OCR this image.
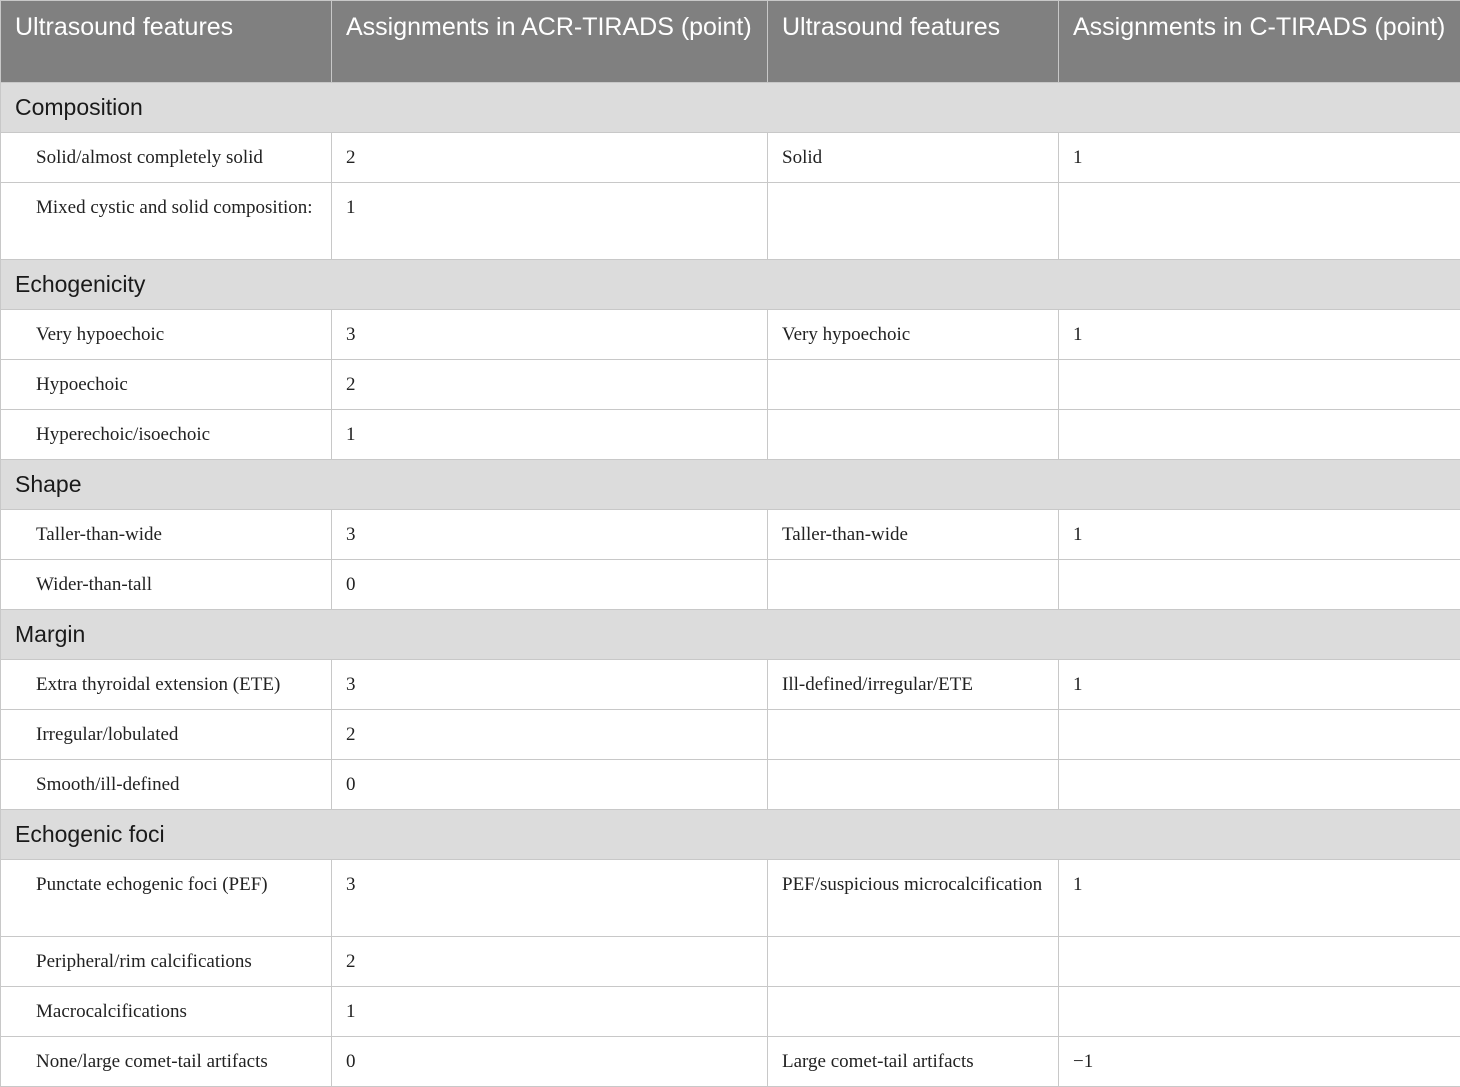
Ultrasound features	Assignments in ACR-TIRADS (point)	Ultrasound features	Assignments in C-TIRADS (point)
Composition			
Solid/almost completely solid	2	Solid	1
Mixed cystic and solid composition:	1		
Echogenicity			
Very hypoechoic	3	Very hypoechoic	1
Hypoechoic	2		
Hyperechoic/isoechoic	1		
Shape			
Taller-than-wide	3	Taller-than-wide	1
Wider-than-tall	0		
Margin			
Extra thyroidal extension (ETE)	3	Ill-defined/irregular/ETE	1
Irregular/lobulated	2		
Smooth/ill-defined	0		
Echogenic foci			
Punctate echogenic foci (PEF)	3	PEF/suspicious microcalcification	1
Peripheral/rim calcifications	2		
Macrocalcifications	1		
None/large comet-tail artifacts	0	Large comet-tail artifacts	−1
